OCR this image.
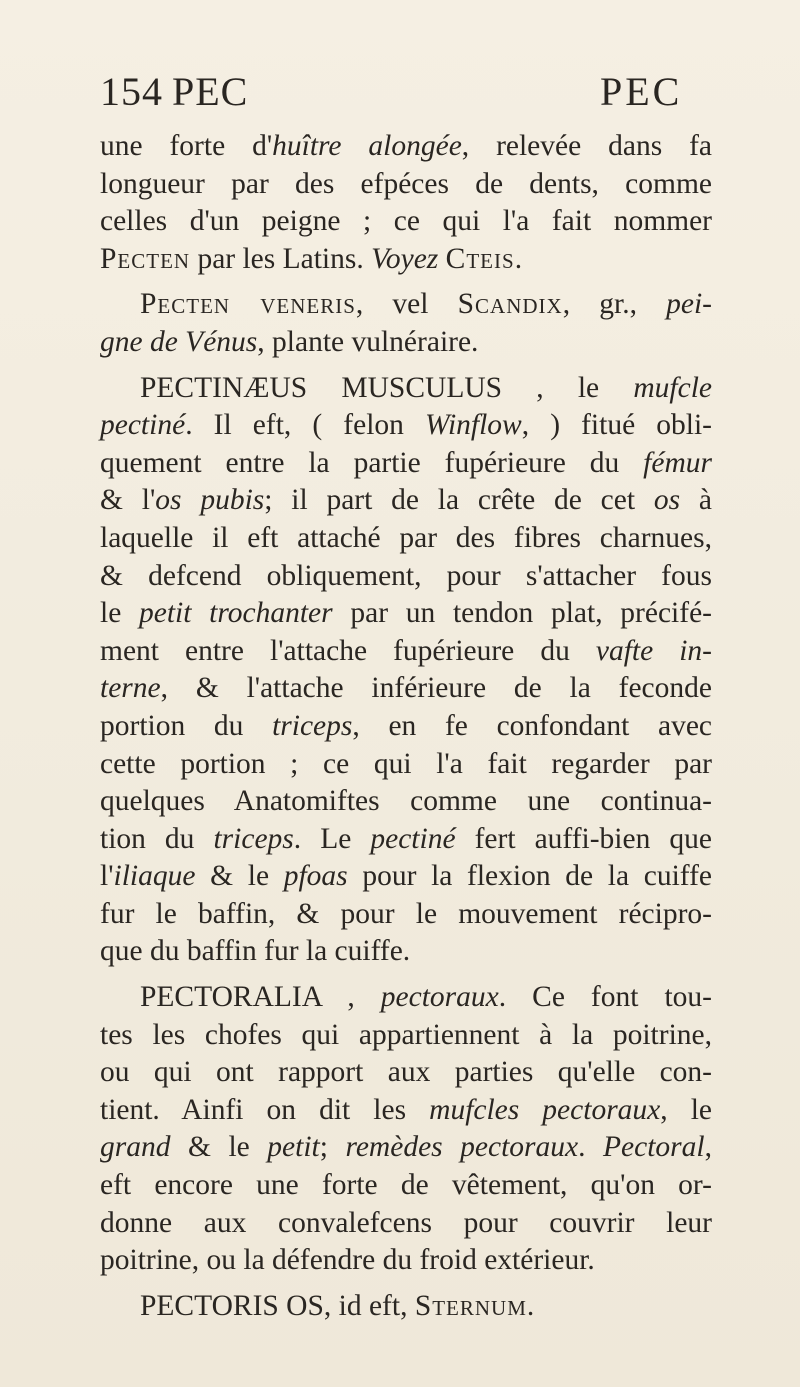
154 PEC	PEC
une forte d'huître alongée, relevée dans fa
longueur par des efpéces de dents, comme
celles d'un peigne ; ce qui l'a fait nommer
Pecten par les Latins. Voyez Cteis.
Pecten veneris, vel Scandix, gr., pei-
gne de Vénus, plante vulnéraire.
PECTINÆUS MUSCULUS , le mufcle
pectiné. Il eft, ( felon Winflow, ) fitué obli-
quement entre la partie fupérieure du fémur
& l'os pubis; il part de la crête de cet os à
laquelle il eft attaché par des fibres charnues,
& defcend obliquement, pour s'attacher fous
le petit trochanter par un tendon plat, précifé-
ment entre l'attache fupérieure du vafte in-
terne, & l'attache inférieure de la feconde
portion du triceps, en fe confondant avec
cette portion ; ce qui l'a fait regarder par
quelques Anatomiftes comme une continua-
tion du triceps. Le pectiné fert auffi-bien que
l'iliaque & le pfoas pour la flexion de la cuiffe
fur le baffin, & pour le mouvement récipro-
que du baffin fur la cuiffe.
PECTORALIA , pectoraux. Ce font tou-
tes les chofes qui appartiennent à la poitrine,
ou qui ont rapport aux parties qu'elle con-
tient. Ainfi on dit les mufcles pectoraux, le
grand & le petit; remèdes pectoraux. Pectoral,
eft encore une forte de vêtement, qu'on or-
donne aux convalefcens pour couvrir leur
poitrine, ou la défendre du froid extérieur.
PECTORIS OS, id eft, Sternum.
